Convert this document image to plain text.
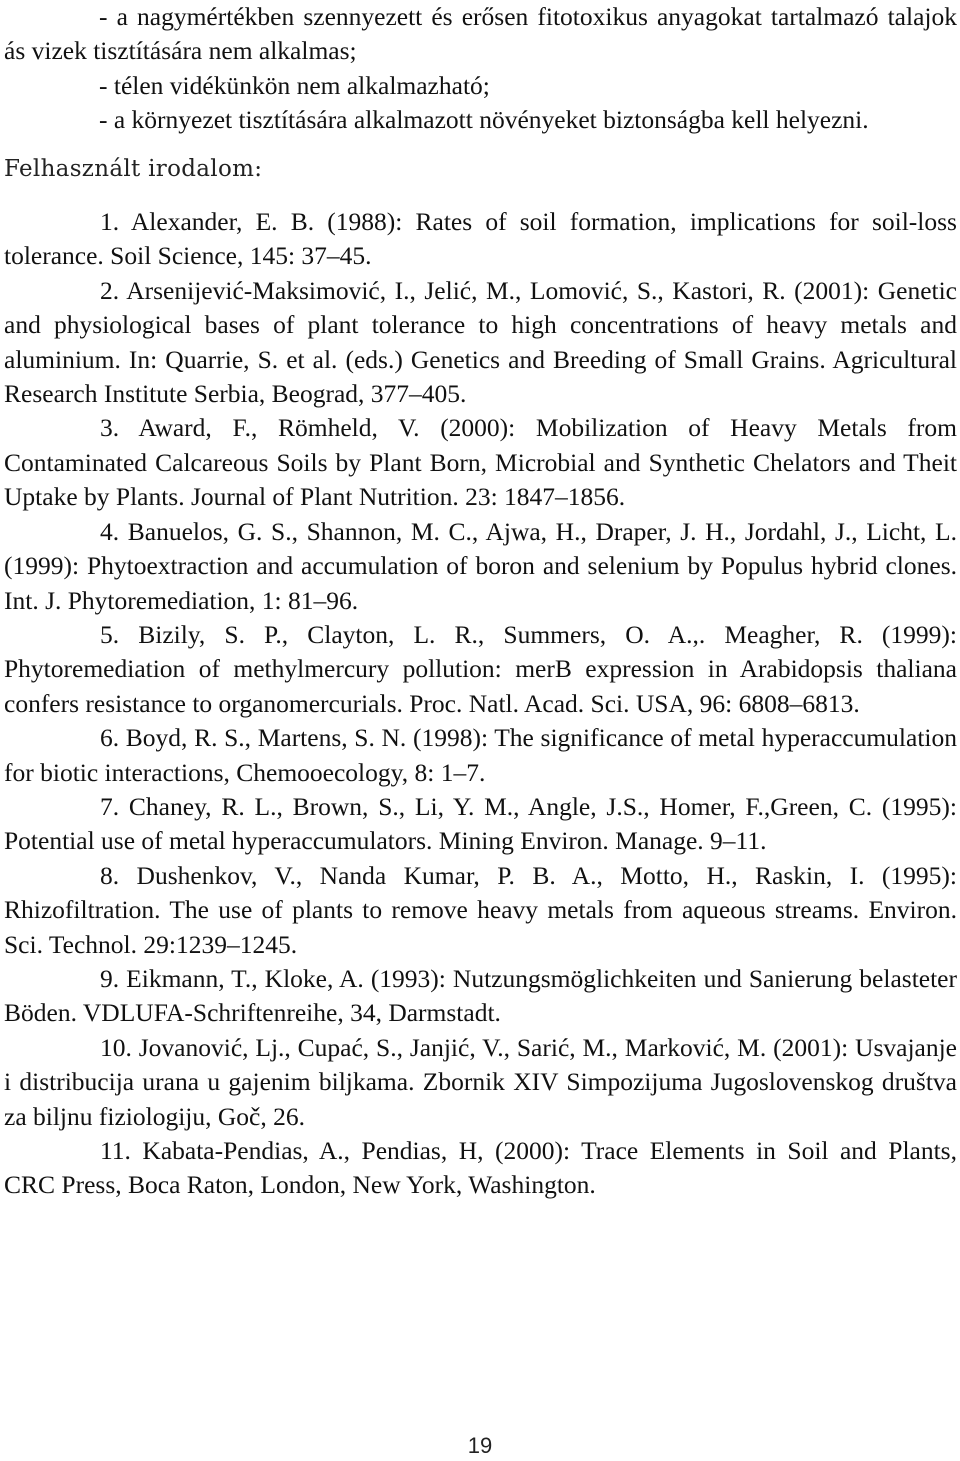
- a nagymértékben szennyezett és erősen fitotoxikus anyagokat tartalmazó talajok ás vizek tisztítására nem alkalmas;

- télen vidékünkön nem alkalmazható;

- a környezet tisztítására alkalmazott növényeket biztonságba kell helyezni.

Felhasznált irodalom:

1. Alexander, E. B. (1988): Rates of soil formation, implications for soil-loss tolerance. Soil Science, 145: 37–45.

2. Arsenijević-Maksimović, I., Jelić, M., Lomović, S., Kastori, R. (2001): Genetic and physiological bases of plant tolerance to high concentrations of heavy metals and aluminium. In: Quarrie, S. et al. (eds.) Genetics and Breeding of Small Grains. Agricultural Research Institute Serbia, Beograd, 377–405.

3. Award, F., Römheld, V. (2000): Mobilization of Heavy Metals from Contaminated Calcareous Soils by Plant Born, Microbial and Synthetic Chelators and Theit Uptake by Plants. Journal of Plant Nutrition. 23: 1847–1856.

4. Banuelos, G. S., Shannon, M. C., Ajwa, H., Draper, J. H., Jordahl, J., Licht, L. (1999): Phytoextraction and accumulation of boron and selenium by Populus hybrid clones. Int. J. Phytoremediation, 1: 81–96.

5. Bizily, S. P., Clayton, L. R., Summers, O. A.,. Meagher, R. (1999): Phytoremediation of methylmercury pollution: merB expression in Arabidopsis thaliana confers resistance to organomercurials. Proc. Natl. Acad. Sci. USA, 96: 6808–6813.

6. Boyd, R. S., Martens, S. N. (1998): The significance of metal hyperaccumulation for biotic interactions, Chemooecology, 8: 1–7.

7. Chaney, R. L., Brown, S., Li, Y. M., Angle, J.S., Homer, F.,Green, C. (1995): Potential use of metal hyperaccumulators. Mining Environ. Manage. 9–11.

8. Dushenkov, V., Nanda Kumar, P. B. A., Motto, H., Raskin, I. (1995): Rhizofiltration. The use of plants to remove heavy metals from aqueous streams. Environ. Sci. Technol. 29:1239–1245.

9. Eikmann, T., Kloke, A. (1993): Nutzungsmöglichkeiten und Sanierung belasteter Böden. VDLUFA-Schriftenreihe, 34, Darmstadt.

10. Jovanović, Lj., Cupać, S., Janjić, V., Sarić, M., Marković, M. (2001): Usvajanje i distribucija urana u gajenim biljkama. Zbornik XIV Simpozijuma Jugoslovenskog društva za biljnu fiziologiju, Goč, 26.

11. Kabata-Pendias, A., Pendias, H, (2000): Trace Elements in Soil and Plants, CRC Press, Boca Raton, London, New York, Washington.

19
